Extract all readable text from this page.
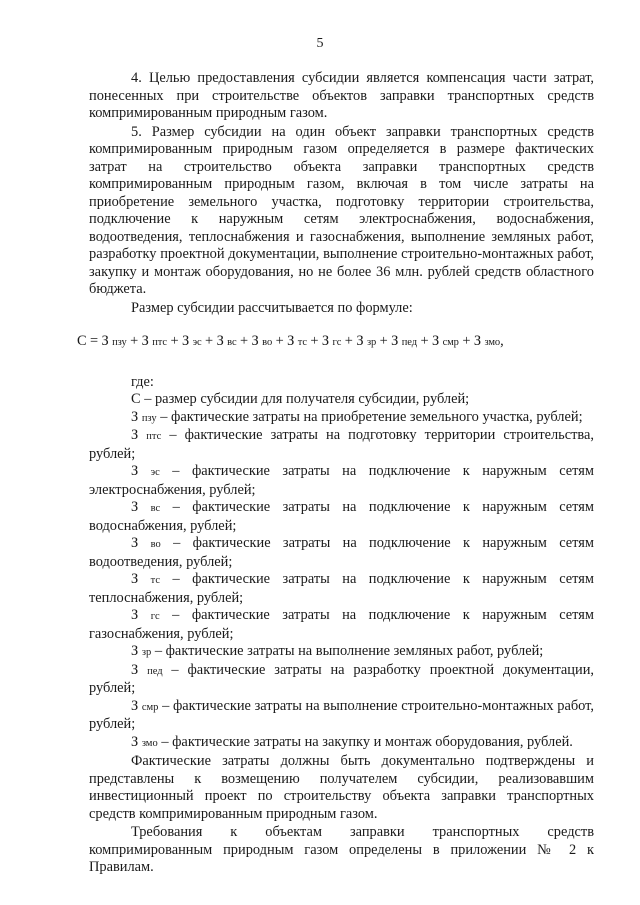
5

4. Целью предоставления субсидии является компенсация части затрат, понесенных при строительстве объектов заправки транспортных средств компримированным природным газом.

5. Размер субсидии на один объект заправки транспортных средств компримированным природным газом определяется в размере фактических затрат на строительство объекта заправки транспортных средств компримированным природным газом, включая в том числе затраты на приобретение земельного участка, подготовку территории строительства, подключение к наружным сетям электроснабжения, водоснабжения, водоотведения, теплоснабжения и газоснабжения, выполнение земляных работ, разработку проектной документации, выполнение строительно-монтажных работ, закупку и монтаж оборудования, но не более 36 млн. рублей средств областного бюджета.

Размер субсидии рассчитывается по формуле:

С = З пзу + З птс + З эс + З вс + З во + З тс + З гс + З зр + З пед + З смр + З змо,

где:

С – размер субсидии для получателя субсидии, рублей;

З пзу – фактические затраты на приобретение земельного участка, рублей;

З птс – фактические затраты на подготовку территории строительства, рублей;

З эс – фактические затраты на подключение к наружным сетям электроснабжения, рублей;

З вс – фактические затраты на подключение к наружным сетям водоснабжения, рублей;

З во – фактические затраты на подключение к наружным сетям водоотведения, рублей;

З тс – фактические затраты на подключение к наружным сетям теплоснабжения, рублей;

З гс – фактические затраты на подключение к наружным сетям газоснабжения, рублей;

З зр – фактические затраты на выполнение земляных работ, рублей;

З пед – фактические затраты на разработку проектной документации, рублей;

З смр – фактические затраты на выполнение строительно-монтажных работ, рублей;

З змо – фактические затраты на закупку и монтаж оборудования, рублей.

Фактические затраты должны быть документально подтверждены и представлены к возмещению получателем субсидии, реализовавшим инвестиционный проект по строительству объекта заправки транспортных средств компримированным природным газом.

Требования к объектам заправки транспортных средств компримированным природным газом определены в приложении № 2 к Правилам.
